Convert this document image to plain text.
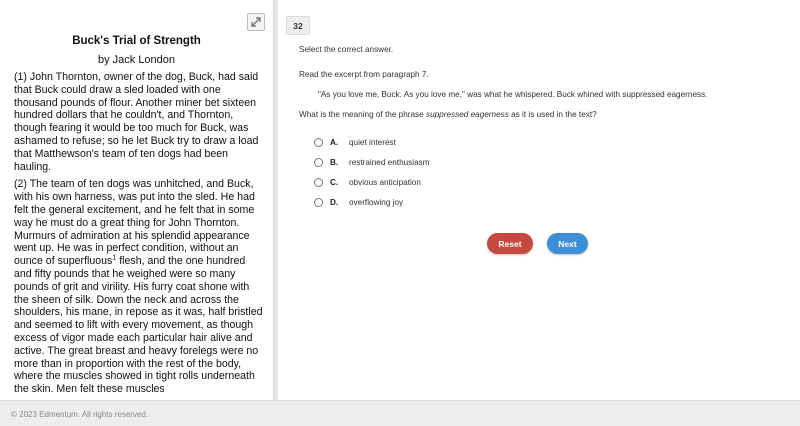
Buck's Trial of Strength
by Jack London

(1) John Thornton, owner of the dog, Buck, had said that Buck could draw a sled loaded with one thousand pounds of flour. Another miner bet sixteen hundred dollars that he couldn't, and Thornton, though fearing it would be too much for Buck, was ashamed to refuse; so he let Buck try to draw a load that Matthewson's team of ten dogs had been hauling.

(2) The team of ten dogs was unhitched, and Buck, with his own harness, was put into the sled. He had felt the general excitement, and he felt that in some way he must do a great thing for John Thornton. Murmurs of admiration at his splendid appearance went up. He was in perfect condition, without an ounce of superfluous$^1$ flesh, and the one hundred and fifty pounds that he weighed were so many pounds of grit and virility. His furry coat shone with the sheen of silk. Down the neck and across the shoulders, his mane, in repose as it was, half bristled and seemed to lift with every movement, as though excess of vigor made each particular hair alive and active. The great breast and heavy forelegs were no more than in proportion with the rest of the body, where the muscles showed in tight rolls underneath the skin. Men felt these muscles

32
Select the correct answer.
Read the excerpt from paragraph 7.
"As you love me, Buck. As you love me," was what he whispered. Buck whined with suppressed eagerness.
What is the meaning of the phrase suppressed eagerness as it is used in the text?
A.	quiet interest
B.	restrained enthusiasm
C.	obvious anticipation
D.	overflowing joy
Reset	Next
© 2023 Edmentum. All rights reserved.
